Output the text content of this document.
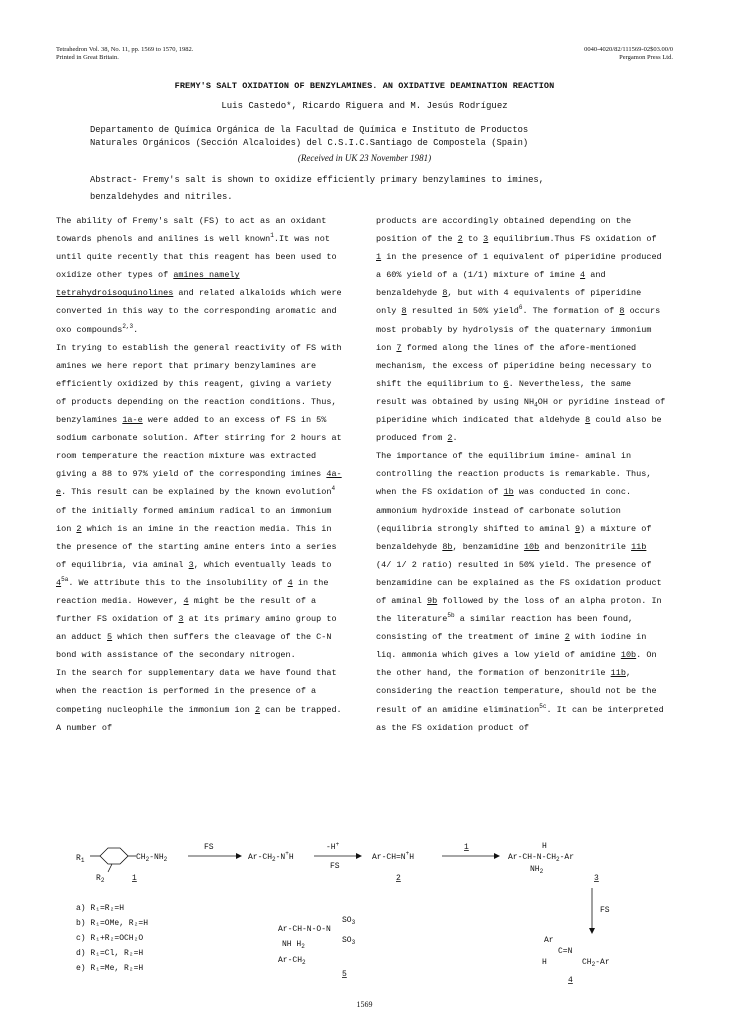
Tetrahedron Vol. 38, No. 11, pp. 1569 to 1570, 1982.
Printed in Great Britain.
0040-4020/82/111569-02$03.00/0
Pergamon Press Ltd.
FREMY'S SALT OXIDATION OF BENZYLAMINES. AN OXIDATIVE DEAMINATION REACTION
Luis Castedo*, Ricardo Riguera and M. Jesús Rodríguez
Departamento de Química Orgánica de la Facultad de Química e Instituto de Productos
Naturales Orgánicos (Sección Alcaloides) del C.S.I.C.Santiago de Compostela (Spain)
(Received in UK 23 November 1981)
Abstract- Fremy's salt is shown to oxidize efficiently primary benzylamines to imines,
benzaldehydes and nitriles.

The ability of Fremy's salt (FS) to act as an oxidant towards phenols and anilines is well known$^1$.It was not until quite recently that this reagent has been used to oxidize other types of amines namely tetrahydroisoquinolines and related alkaloids which were converted in this way to the corresponding aromatic and oxo compounds$^{2,3}$.

In trying to establish the general reactivity of FS with amines we here report that primary benzylamines are efficiently oxidized by this reagent, giving a variety of products depending on the reaction conditions. Thus, benzylamines 1a-e were added to an excess of FS in 5% sodium carbonate solution. After stirring for 2 hours at room temperature the reaction mixture was extracted giving a 88 to 97% yield of the corresponding imines 4a-e. This result can be explained by the known evolution$^4$ of the initially formed aminium radical to an immonium ion 2 which is an imine in the reaction media. This in the presence of the starting amine enters into a series of equilibria, via aminal 3, which eventually leads to $4^{5a}$. We attribute this to the insolubility of 4 in the reaction media. However, 4 might be the result of a further FS oxidation of 3 at its primary amino group to an adduct 5 which then suffers the cleavage of the C-N bond with assistance of the secondary nitrogen.

In the search for supplementary data we have found that when the reaction is performed in the presence of a competing nucleophile the immonium ion 2 can be trapped. A number of

products are accordingly obtained depending on the position of the 2 to 3 equilibrium.Thus FS oxidation of 1 in the presence of 1 equivalent of piperidine produced a 60% yield of a (1/1) mixture of imine 4 and benzaldehyde 8, but with 4 equivalents of piperidine only 8 resulted in 50% yield$^6$. The formation of 8 occurs most probably by hydrolysis of the quaternary immonium ion 7 formed along the lines of the afore-mentioned mechanism, the excess of piperidine being necessary to shift the equilibrium to 6. Nevertheless, the same result was obtained by using $NH_4OH$ or pyridine instead of piperidine which indicated that aldehyde 8 could also be produced from 2.

The importance of the equilibrium imine- aminal in controlling the reaction products is remarkable. Thus, when the FS oxidation of 1b was conducted in conc. ammonium hydroxide instead of carbonate solution (equilibria strongly shifted to aminal 9) a mixture of benzaldehyde 8b, benzamidine 10b and benzonitrile 11b (4/ 1/ 2 ratio) resulted in 50% yield. The presence of benzamidine can be explained as the FS oxidation product of aminal 9b followed by the loss of an alpha proton. In the literature$^{5b}$ a similar reaction has been found, consisting of the treatment of imine 2 with iodine in liq. ammonia which gives a low yield of amidine 10b. On the other hand, the formation of benzonitrile 11b, considering the reaction temperature, should not be the result of an amidine elimination$^{5c}$. It can be interpreted as the FS oxidation product of

$R_1$	$CH_2-NH_2$
$R_2$	1
FS
$Ar-CH_2-N^+H$
-H+
FS
Ar-CH=N+H
2
1
$Ar-CH-N-CH_2-Ar$
H
$NH_2$
3
FS
Ar
C=N
H	$CH_2-Ar$
4
Ar-CH-N-O-N
$SO_3$
$SO_3$
NH $H_2$
$Ar-CH_2$
5
a) R₁=R₂=H
b) R₁=OMe, R₂=H
c) R₁+R₂=OCH₂O
d) R₁=Cl, R₂=H
e) R₁=Me, R₂=H
1569
